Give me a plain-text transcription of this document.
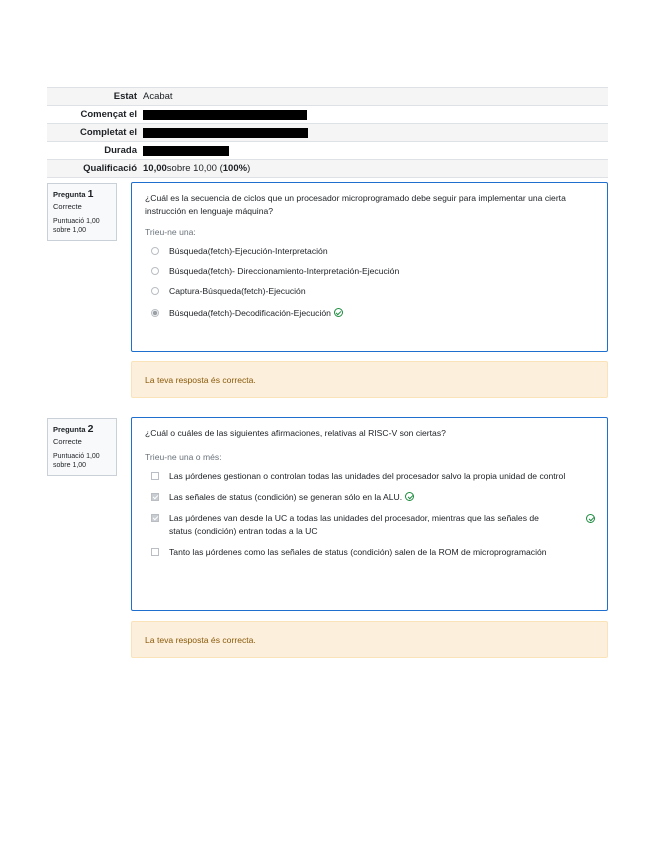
Estat Acabat
Començat el
Completat el
Durada
Qualificació 10,00 sobre 10,00 ( 100% )
Pregunta 1
Correcte
Puntuació 1,00
sobre 1,00
¿Cuál es la secuencia de ciclos que un procesador microprogramado debe seguir para implementar una cierta instrucción en lenguaje máquina?
Trieu-ne una:
Búsqueda(fetch)-Ejecución-Interpretación
Búsqueda(fetch)- Direccionamiento-Interpretación-Ejecución
Captura-Búsqueda(fetch)-Ejecución
Búsqueda(fetch)-Decodificación-Ejecución
La teva resposta és correcta.
Pregunta 2
Correcte
Puntuació 1,00
sobre 1,00
¿Cuál o cuáles de las siguientes afirmaciones, relativas al RISC-V son ciertas?
Trieu-ne una o més:
Las μórdenes gestionan o controlan todas las unidades del procesador salvo la propia unidad de control
Las señales de status (condición) se generan sólo en la ALU.
Las μórdenes van desde la UC a todas las unidades del procesador, mientras que las señales de status (condición) entran todas a la UC
Tanto las μórdenes como las señales de status (condición) salen de la ROM de microprogramación
La teva resposta és correcta.
